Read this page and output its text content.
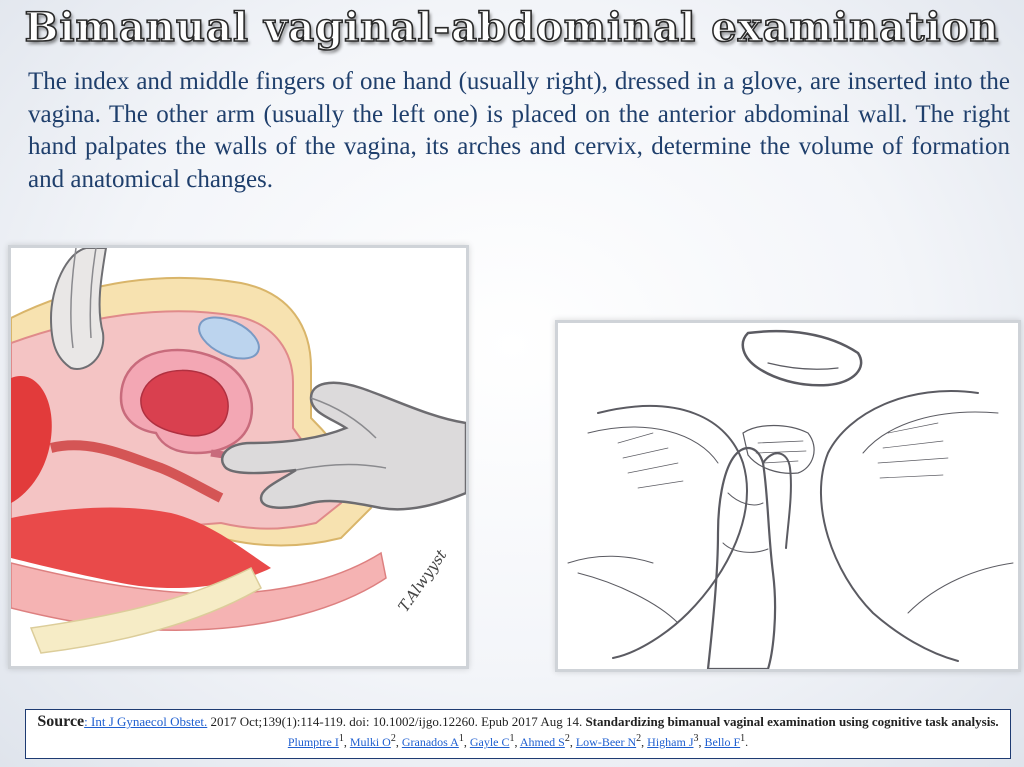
Bimanual vaginal-abdominal examination

The index and middle fingers of one hand (usually right), dressed in a glove, are inserted into the vagina. The other arm (usually the left one) is placed on the anterior abdominal wall. The right hand palpates the walls of the vagina, its arches and cervix, determine the volume of formation and anatomical changes.

T.Alwyyst
Source: Int J Gynaecol Obstet. 2017 Oct;139(1):114-119. doi: 10.1002/ijgo.12260. Epub 2017 Aug 14. Standardizing bimanual vaginal examination using cognitive task analysis.
Plumptre $I^1$, Mulki $O^2$, Granados $A^1$, Gayle $C^1$, Ahmed $S^2$, Low-Beer $N^2$, Higham $J^3$, Bello $F^1$.
